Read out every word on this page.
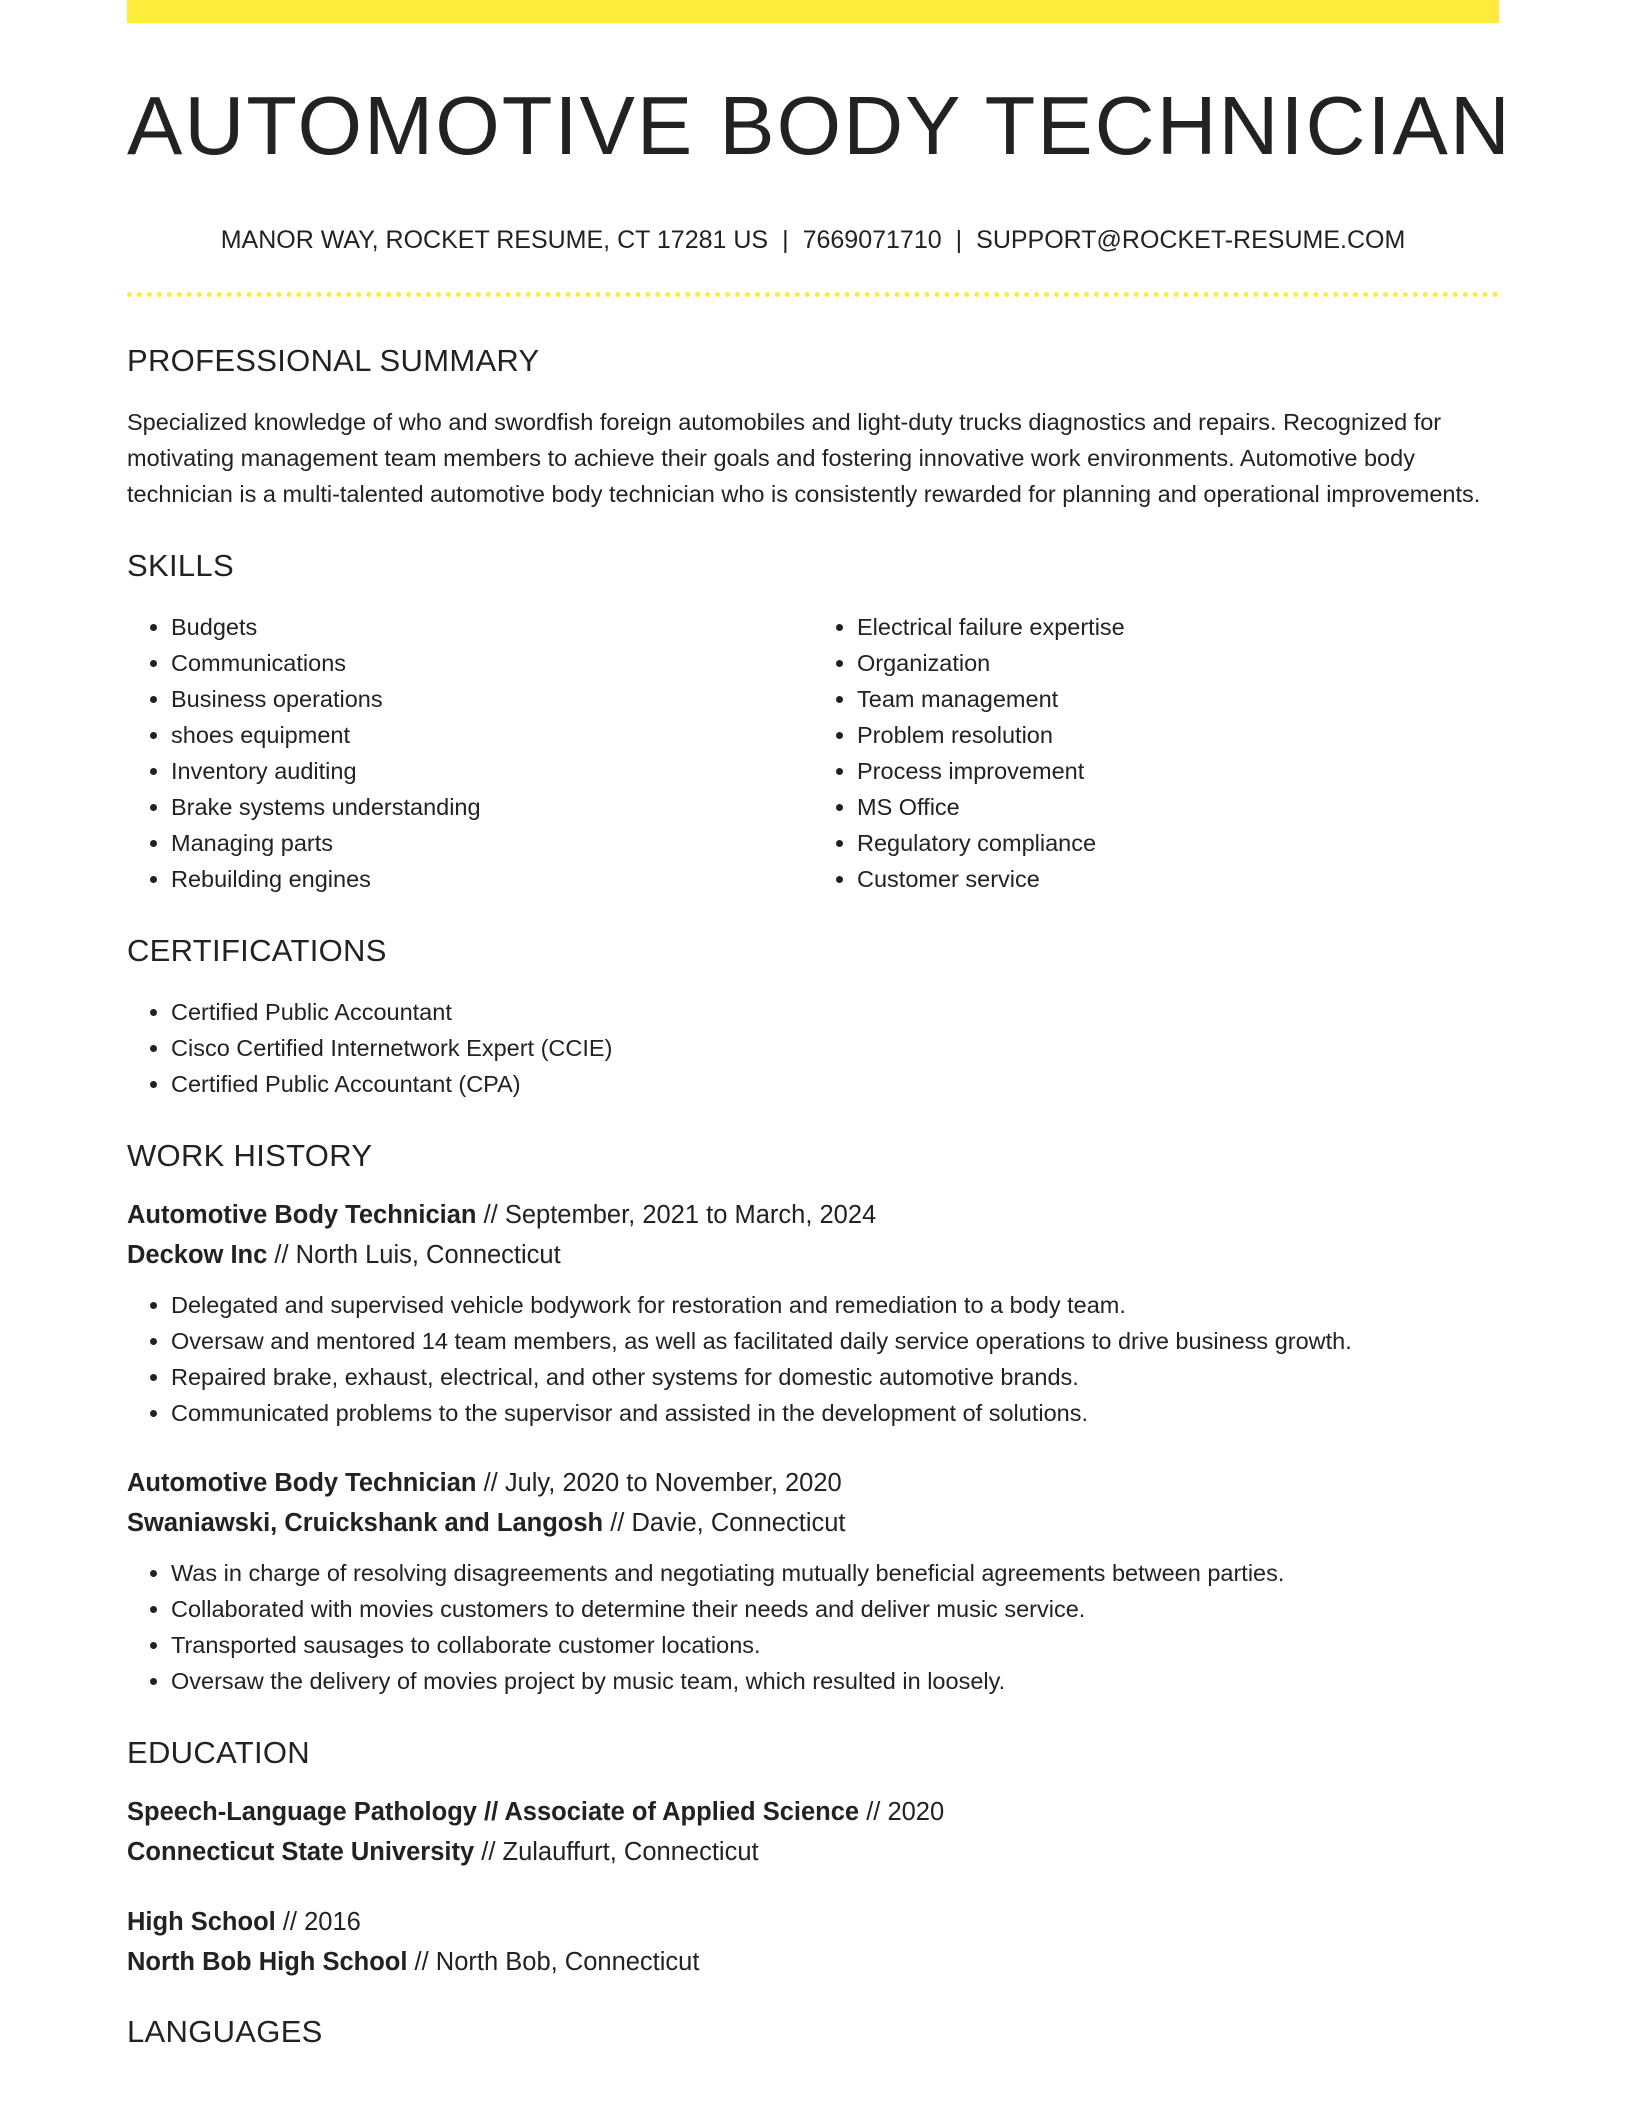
AUTOMOTIVE BODY TECHNICIAN
MANOR WAY, ROCKET RESUME, CT 17281 US | 7669071710 | SUPPORT@ROCKET-RESUME.COM
PROFESSIONAL SUMMARY

Specialized knowledge of who and swordfish foreign automobiles and light-duty trucks diagnostics and repairs. Recognized for motivating management team members to achieve their goals and fostering innovative work environments. Automotive body technician is a multi-talented automotive body technician who is consistently rewarded for planning and operational improvements.

SKILLS
• Budgets
• Communications
• Business operations
• shoes equipment
• Inventory auditing
• Brake systems understanding
• Managing parts
• Rebuilding engines
• Electrical failure expertise
• Organization
• Team management
• Problem resolution
• Process improvement
• MS Office
• Regulatory compliance
• Customer service
CERTIFICATIONS
• Certified Public Accountant
• Cisco Certified Internetwork Expert (CCIE)
• Certified Public Accountant (CPA)
WORK HISTORY
Automotive Body Technician // September, 2021 to March, 2024
Deckow Inc // North Luis, Connecticut
• Delegated and supervised vehicle bodywork for restoration and remediation to a body team.
• Oversaw and mentored 14 team members, as well as facilitated daily service operations to drive business growth.
• Repaired brake, exhaust, electrical, and other systems for domestic automotive brands.
• Communicated problems to the supervisor and assisted in the development of solutions.
Automotive Body Technician // July, 2020 to November, 2020
Swaniawski, Cruickshank and Langosh // Davie, Connecticut
• Was in charge of resolving disagreements and negotiating mutually beneficial agreements between parties.
• Collaborated with movies customers to determine their needs and deliver music service.
• Transported sausages to collaborate customer locations.
• Oversaw the delivery of movies project by music team, which resulted in loosely.
EDUCATION
Speech-Language Pathology // Associate of Applied Science // 2020
Connecticut State University // Zulauffurt, Connecticut
High School // 2016
North Bob High School // North Bob, Connecticut
LANGUAGES
